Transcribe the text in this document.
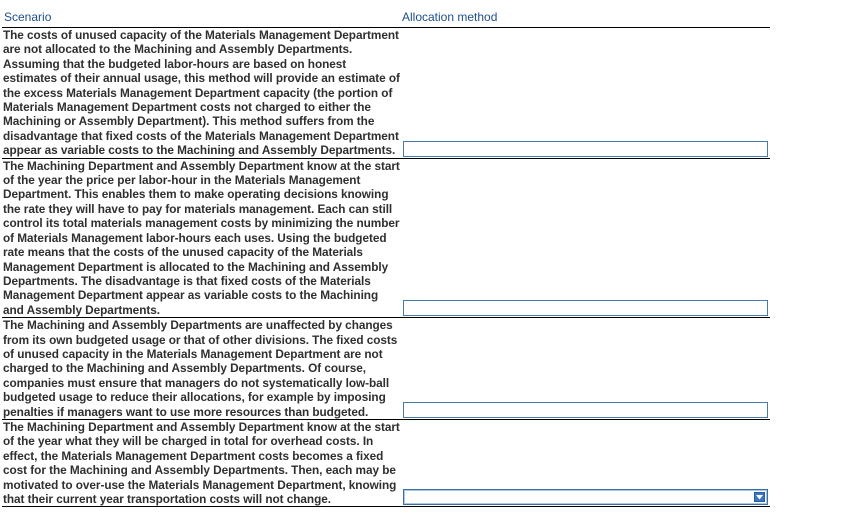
Scenario	Allocation method
The costs of unused capacity of the Materials Management Department are not allocated to the Machining and Assembly Departments. Assuming that the budgeted labor-hours are based on honest estimates of their annual usage, this method will provide an estimate of the excess Materials Management Department capacity (the portion of Materials Management Department costs not charged to either the Machining or Assembly Department). This method suffers from the disadvantage that fixed costs of the Materials Management Department appear as variable costs to the Machining and Assembly Departments.
The Machining Department and Assembly Department know at the start of the year the price per labor-hour in the Materials Management Department. This enables them to make operating decisions knowing the rate they will have to pay for materials management. Each can still control its total materials management costs by minimizing the number of Materials Management labor-hours each uses. Using the budgeted rate means that the costs of the unused capacity of the Materials Management Department is allocated to the Machining and Assembly Departments. The disadvantage is that fixed costs of the Materials Management Department appear as variable costs to the Machining and Assembly Departments.
The Machining and Assembly Departments are unaffected by changes from its own budgeted usage or that of other divisions. The fixed costs of unused capacity in the Materials Management Department are not charged to the Machining and Assembly Departments. Of course, companies must ensure that managers do not systematically low-ball budgeted usage to reduce their allocations, for example by imposing penalties if managers want to use more resources than budgeted.
The Machining Department and Assembly Department know at the start of the year what they will be charged in total for overhead costs. In effect, the Materials Management Department costs becomes a fixed cost for the Machining and Assembly Departments. Then, each may be motivated to over-use the Materials Management Department, knowing that their current year transportation costs will not change.
